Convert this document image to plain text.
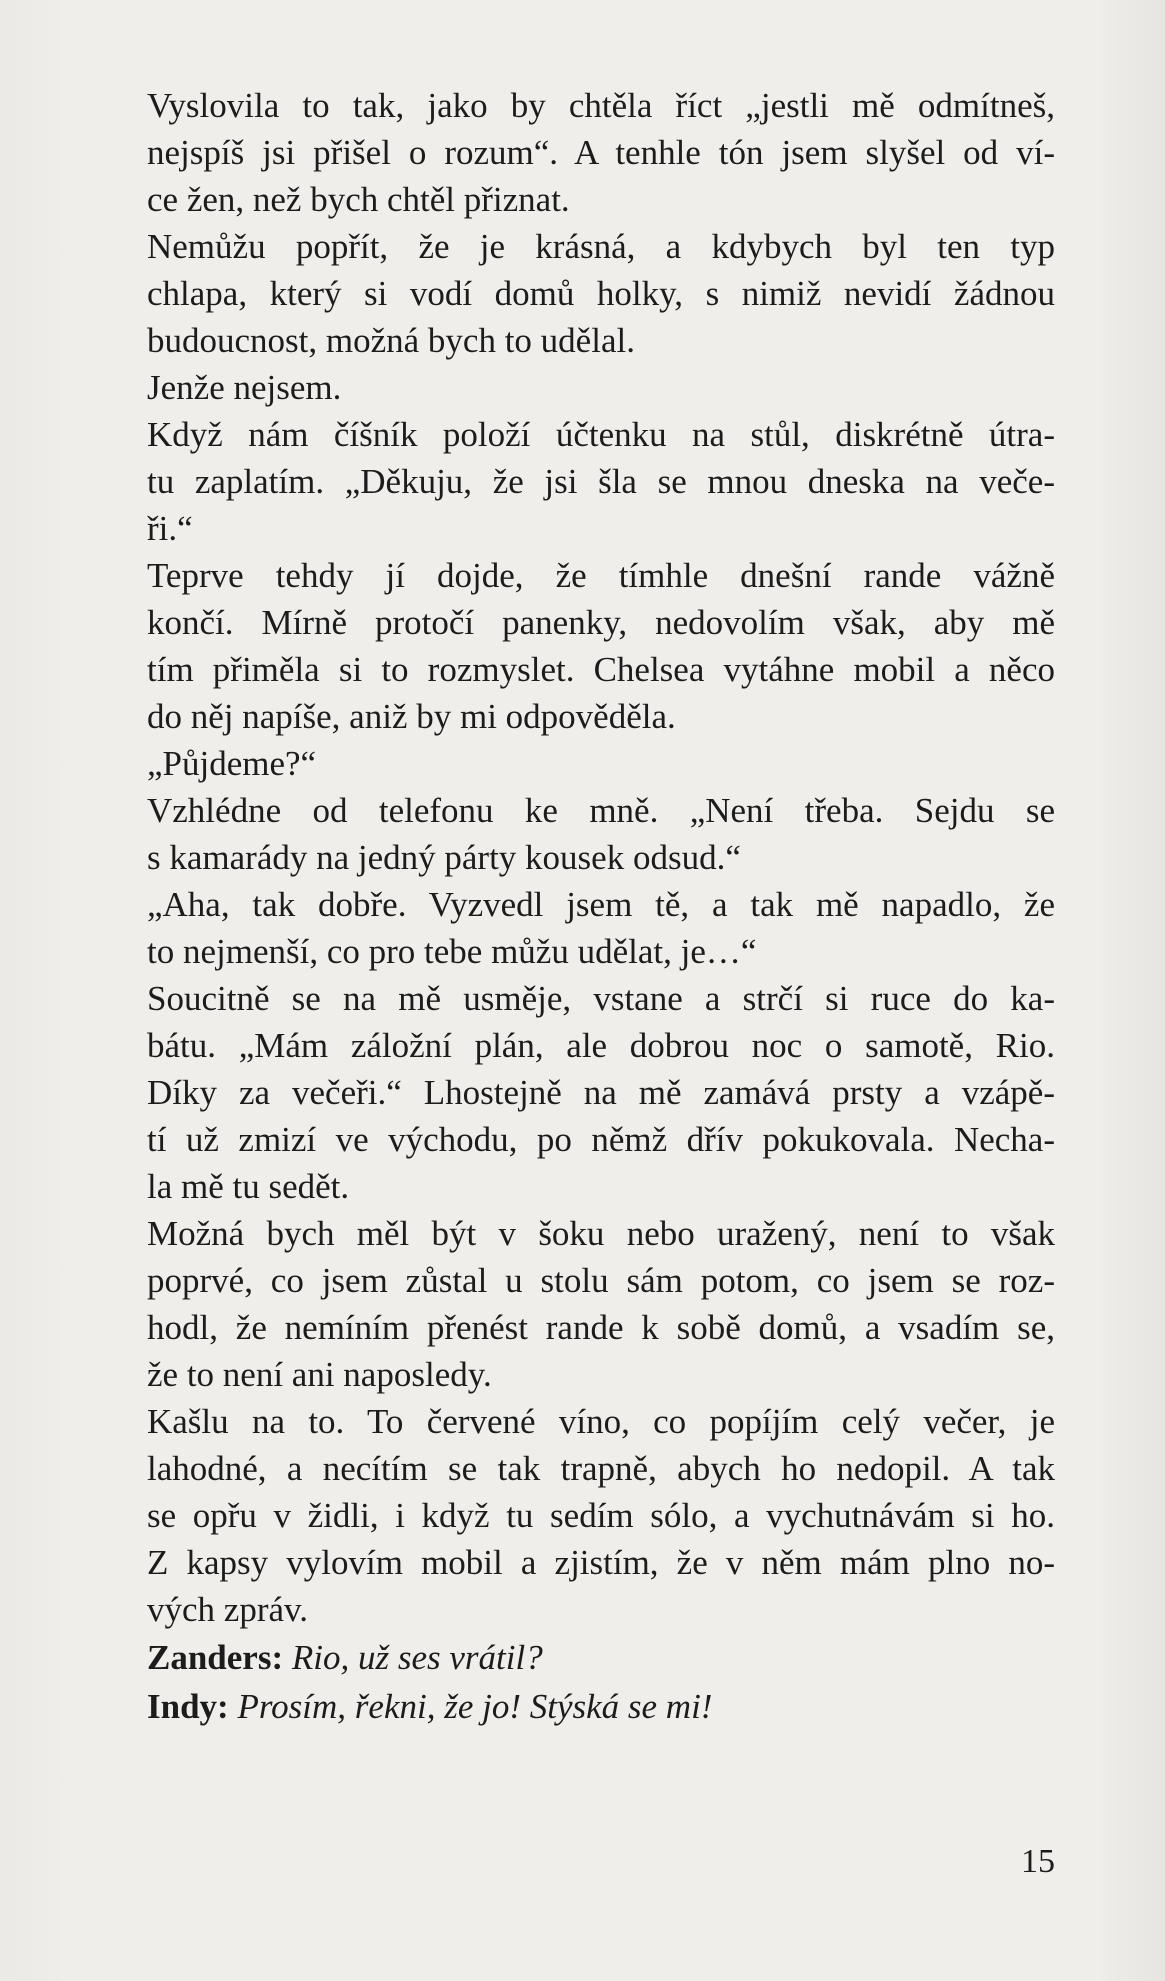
Vyslovila to tak, jako by chtěla říct „jestli mě odmítneš,
nejspíš jsi přišel o rozum“. A tenhle tón jsem slyšel od ví-
ce žen, než bych chtěl přiznat.
Nemůžu popřít, že je krásná, a kdybych byl ten typ
chlapa, který si vodí domů holky, s nimiž nevidí žádnou
budoucnost, možná bych to udělal.
Jenže nejsem.
Když nám číšník položí účtenku na stůl, diskrétně útra-
tu zaplatím. „Děkuju, že jsi šla se mnou dneska na veče-
ři.“
Teprve tehdy jí dojde, že tímhle dnešní rande vážně
končí. Mírně protočí panenky, nedovolím však, aby mě
tím přiměla si to rozmyslet. Chelsea vytáhne mobil a něco
do něj napíše, aniž by mi odpověděla.
„Půjdeme?“
Vzhlédne od telefonu ke mně. „Není třeba. Sejdu se
s kamarády na jedný párty kousek odsud.“
„Aha, tak dobře. Vyzvedl jsem tě, a tak mě napadlo, že
to nejmenší, co pro tebe můžu udělat, je…“
Soucitně se na mě usměje, vstane a strčí si ruce do ka-
bátu. „Mám záložní plán, ale dobrou noc o samotě, Rio.
Díky za večeři.“ Lhostejně na mě zamává prsty a vzápě-
tí už zmizí ve východu, po němž dřív pokukovala. Necha-
la mě tu sedět.
Možná bych měl být v šoku nebo uražený, není to však
poprvé, co jsem zůstal u stolu sám potom, co jsem se roz-
hodl, že nemíním přenést rande k sobě domů, a vsadím se,
že to není ani naposledy.
Kašlu na to. To červené víno, co popíjím celý večer, je
lahodné, a necítím se tak trapně, abych ho nedopil. A tak
se opřu v židli, i když tu sedím sólo, a vychutnávám si ho.
Z kapsy vylovím mobil a zjistím, že v něm mám plno no-
vých zpráv.
Zanders: Rio, už ses vrátil?
Indy: Prosím, řekni, že jo! Stýská se mi!
15
